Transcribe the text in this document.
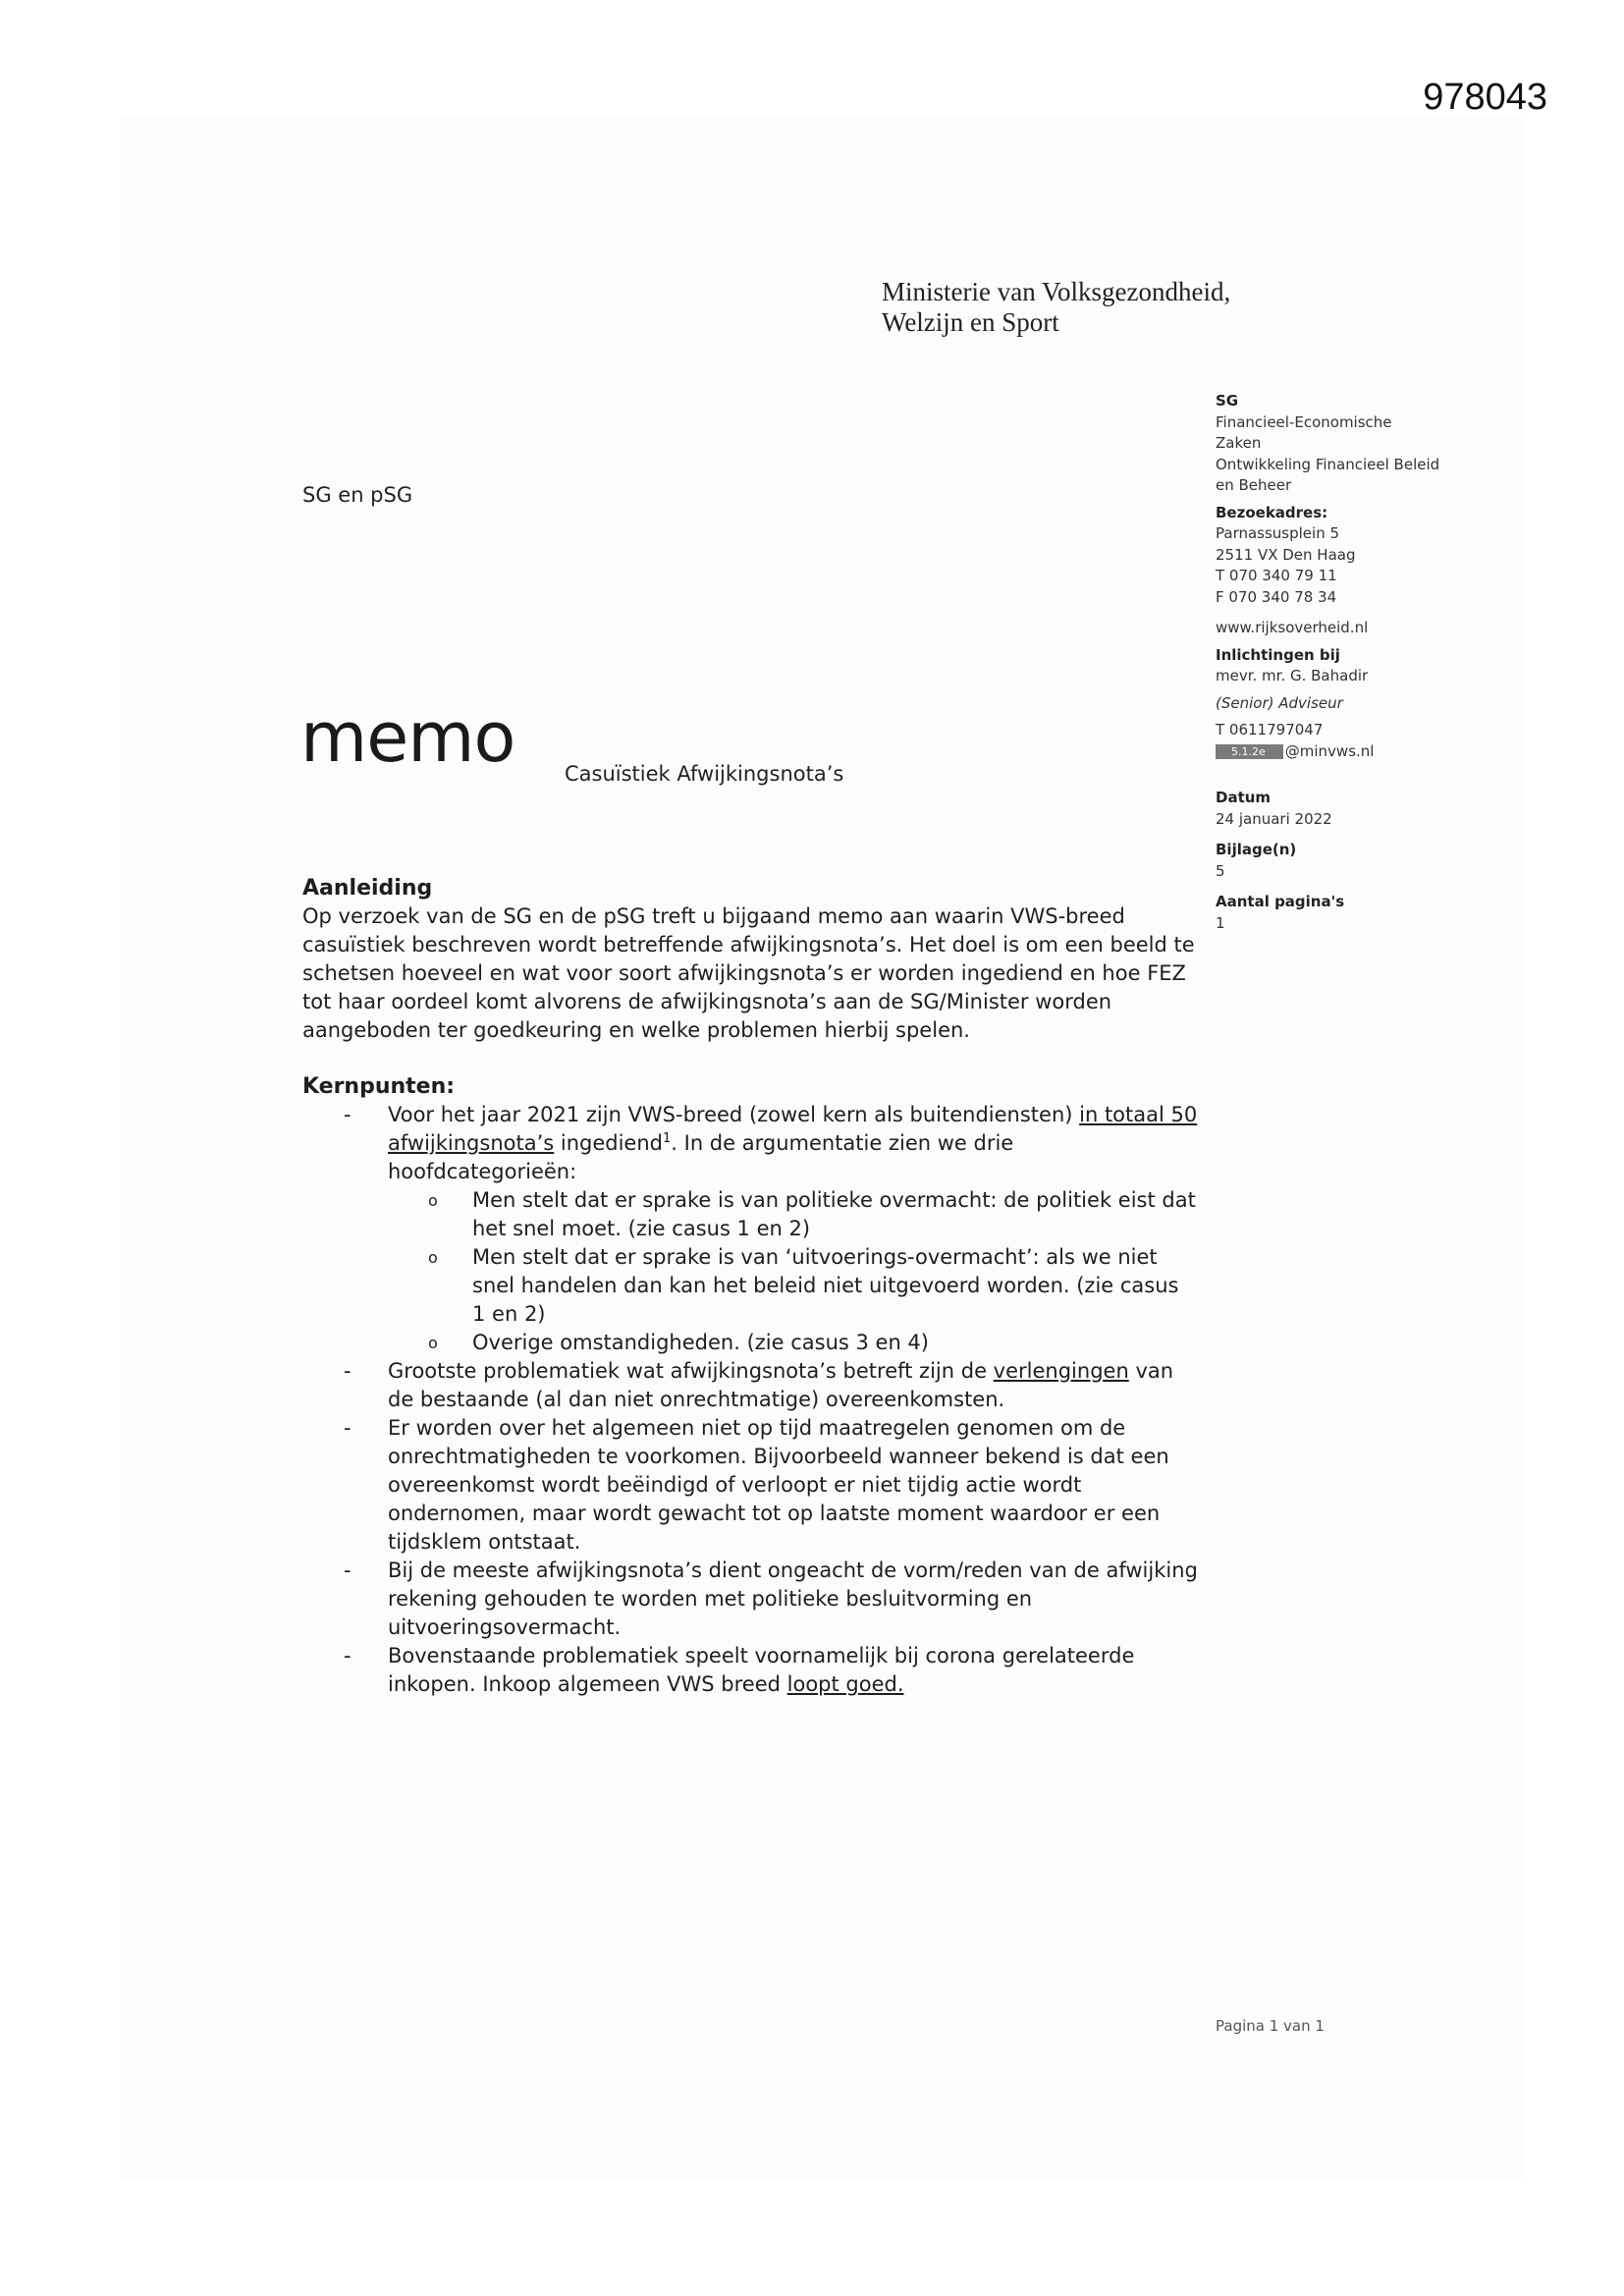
978043
Ministerie van Volksgezondheid,
Welzijn en Sport
SG en pSG
memo Casuïstiek Afwijkingsnota’s
SG
Financieel-Economische
Zaken
Ontwikkeling Financieel Beleid
en Beheer
Bezoekadres:
Parnassusplein 5
2511 VX Den Haag
T 070 340 79 11
F 070 340 78 34
www.rijksoverheid.nl
Inlichtingen bij
mevr. mr. G. Bahadir
(Senior) Adviseur
T 0611797047
5.1.2e @minvws.nl
Datum
24 januari 2022
Bijlage(n)
5
Aantal pagina's
1
Aanleiding

Op verzoek van de SG en de pSG treft u bijgaand memo aan waarin VWS-breed casuïstiek beschreven wordt betreffende afwijkingsnota’s. Het doel is om een beeld te schetsen hoeveel en wat voor soort afwijkingsnota’s er worden ingediend en hoe FEZ tot haar oordeel komt alvorens de afwijkingsnota’s aan de SG/Minister worden aangeboden ter goedkeuring en welke problemen hierbij spelen.

Kernpunten:
- Voor het jaar 2021 zijn VWS-breed (zowel kern als buitendiensten) in totaal 50 afwijkingsnota’s ingediend$^1$. In de argumentatie zien we drie hoofdcategorieën:
o Men stelt dat er sprake is van politieke overmacht: de politiek eist dat het snel moet. (zie casus 1 en 2)
o Men stelt dat er sprake is van ‘uitvoerings-overmacht’: als we niet snel handelen dan kan het beleid niet uitgevoerd worden. (zie casus 1 en 2)
o Overige omstandigheden. (zie casus 3 en 4)
- Grootste problematiek wat afwijkingsnota’s betreft zijn de verlengingen van de bestaande (al dan niet onrechtmatige) overeenkomsten.
- Er worden over het algemeen niet op tijd maatregelen genomen om de onrechtmatigheden te voorkomen. Bijvoorbeeld wanneer bekend is dat een overeenkomst wordt beëindigd of verloopt er niet tijdig actie wordt ondernomen, maar wordt gewacht tot op laatste moment waardoor er een tijdsklem ontstaat.
- Bij de meeste afwijkingsnota’s dient ongeacht de vorm/reden van de afwijking rekening gehouden te worden met politieke besluitvorming en uitvoeringsovermacht.
- Bovenstaande problematiek speelt voornamelijk bij corona gerelateerde inkopen. Inkoop algemeen VWS breed loopt goed.
Pagina 1 van 1
